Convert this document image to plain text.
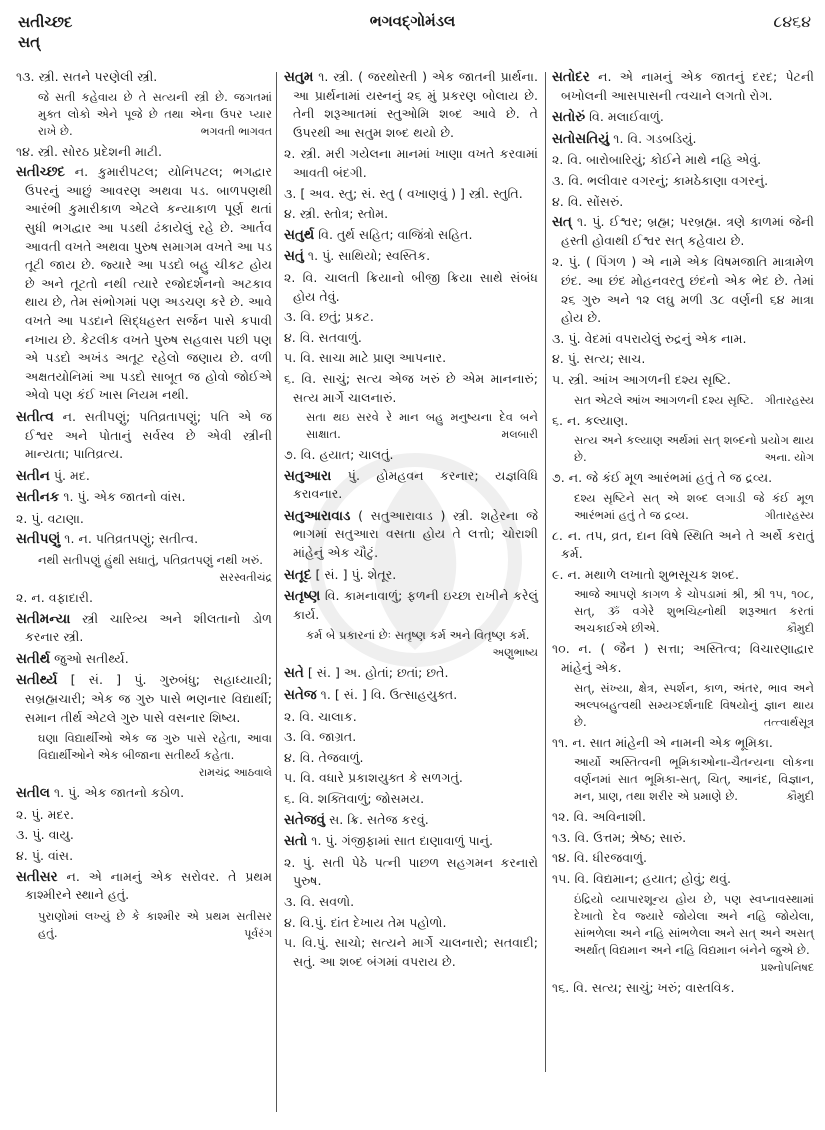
સતીચ્છદ
સત્
ભગવદ્ગોમંડલ	૮૪૬૪
૧૩. સ્ત્રી. સતને પરણેલી સ્ત્રી.
જે સતી કહેવાય છે તે સત્યની સ્ત્રી છે. જગતમાં મુક્ત લોકો એને પૂજે છે તથા એના ઉપર પ્યાર રાખે છે.	ભગવતી ભાગવત
૧૪. સ્ત્રી. સોરઠ પ્રદેશની માટી.
સતીચ્છદ ન. કુમારીપટલ; યોનિપટલ; ભગદ્વાર ઉપરનું આછું આવરણ અથવા પડ. બાળપણથી આરંભી કુમારીકાળ એટલે કન્યાકાળ પૂર્ણ થતાં સુધી ભગદ્વાર આ પડથી ઢંકાયેલું રહે છે. આર્તવ આવતી વખતે અથવા પુરુષ સમાગમ વખતે આ પડ તૂટી જાય છે. જ્યારે આ પડદો બહુ ચીકટ હોય છે અને તૂટતો નથી ત્યારે રજોદર્શનનો અટકાવ થાય છે, તેમ સંભોગમાં પણ અડચણ કરે છે. આવે વખતે આ પડદાને સિદ્ધહસ્ત સર્જન પાસે કપાવી નખાય છે. કેટલીક વખતે પુરુષ સહવાસ પછી પણ એ પડદો અખંડ અતૂટ રહેલો જણાય છે. વળી અક્ષતયોનિમાં આ પડદો સાબૂત જ હોવો જોઈએ એવો પણ કંઈ ખાસ નિયમ નથી.
સતીત્વ ન. સતીપણું; પતિવ્રતાપણું; પતિ એ જ ઈશ્વર અને પોતાનું સર્વસ્વ છે એવી સ્ત્રીની માન્યતા; પાતિવ્રત્ય.
સતીન પું. મદ.
સતીનક ૧. પું. એક જાતનો વાંસ.
૨. પું. વટાણા.
સતીપણું ૧. ન. પતિવ્રતપણું; સતીત્વ.
નથી સતીપણું હુંથી સધાતું, પતિવ્રતપણું નથી ખરું.
સરસ્વતીચંદ્ર
૨. ન. વફાદારી.
સતીમન્યા સ્ત્રી ચારિત્ર્ય અને શીલતાનો ડોળ કરનાર સ્ત્રી.
સતીર્થ જુઓ સતીર્થ્ય.
સતીર્થ્ય [ સં. ] પું. ગુરુબંધુ; સહાધ્યાયી; સબ્રહ્મચારી; એક જ ગુરુ પાસે ભણનાર વિદ્યાર્થી; સમાન તીર્થ એટલે ગુરુ પાસે વસનાર શિષ્ય.
ઘણા વિદ્યાર્થીઓ એક જ ગુરુ પાસે રહેતા, આવા વિદ્યાર્થીઓને એક બીજાના સતીર્થ્ય કહેતા.
રામચંદ્ર આઠવાલે
સતીલ ૧. પું. એક જાતનો કઠોળ.
૨. પું. મદર.
૩. પું. વાયુ.
૪. પું. વાંસ.
સતીસર ન. એ નામનું એક સરોવર. તે પ્રથમ કાશ્મીરને સ્થાને હતું.
પુરાણોમાં લખ્યું છે કે કાશ્મીર એ પ્રથમ સતીસર હતું.	પૂર્વરંગ
સતુમ ૧. સ્ત્રી. ( જરથોસ્તી ) એક જાતની પ્રાર્થના. આ પ્રાર્થનામાં યસ્નનું ૨૬ મું પ્રકરણ બોલાય છે. તેની શરૂઆતમાં સ્તુઓમિ શબ્દ આવે છે. તે ઉપરથી આ સતુમ શબ્દ થયો છે.
૨. સ્ત્રી. મરી ગયેલના માનમાં ખાણા વખતે કરવામાં આવતી બંદગી.
૩. [ અવ. સ્તુ; સં. સ્તુ ( વખાણવું ) ] સ્ત્રી. સ્તુતિ.
૪. સ્ત્રી. સ્તોત્ર; સ્તોમ.
સતુર્થ વિ. તુર્થ સહિત; વાજિંત્રો સહિત.
સતું ૧. પું. સાથિયો; સ્વસ્તિક.
૨. વિ. ચાલતી ક્રિયાનો બીજી ક્રિયા સાથે સંબંધ હોય તેવું.
૩. વિ. છતું; પ્રકટ.
૪. વિ. સતવાળું.
૫. વિ. સાચા માટે પ્રાણ આપનાર.
૬. વિ. સાચું; સત્ય એજ ખરું છે એમ માનનારું; સત્ય માર્ગે ચાલનારું.
સતા થઇ સરવે રે માન બહુ મનુષ્યના દેવ બને સાક્ષાત.	મલબારી
૭. વિ. હયાત; ચાલતું.
સતુઆરા પું. હોમહવન કરનાર; યજ્ઞવિધિ કરાવનાર.
સતુઆરાવાડ ( સતુઆરાવાડ ) સ્ત્રી. શહેરના જે ભાગમાં સતુઆરા વસતા હોય તે લત્તો; ચોરાશી માંહેનું એક ચૌટું.
સતૂદ [ સં. ] પું. શેતૂર.
સતૃષ્ણ વિ. કામનાવાળું; ફળની ઇચ્છા રાખીને કરેલું કાર્ય.
કર્મ બે પ્રકારનાં છેઃ સતૃષ્ણ કર્મ અને વિતૃષ્ણ કર્મ.
અણુભાષ્ય
સતે [ સં. ] અ. હોતાં; છતાં; છતે.
સતેજ ૧. [ સં. ] વિ. ઉત્સાહયુક્ત.
૨. વિ. ચાલાક.
૩. વિ. જાગ્રત.
૪. વિ. તેજવાળું.
૫. વિ. વધારે પ્રકાશયુક્ત કે સળગતું.
૬. વિ. શક્તિવાળું; જોસમય.
સતેજવું સ. ક્રિ. સતેજ કરવું.
સતો ૧. પું. ગંજીફામાં સાત દાણાવાળું પાનું.
૨. પું. સતી પેઠે પત્ની પાછળ સહગમન કરનારો પુરુષ.
૩. વિ. સવળો.
૪. વિ.પું. દાંત દેખાય તેમ પહોળો.
૫. વિ.પું. સાચો; સત્યને માર્ગે ચાલનારો; સતવાદી; સતું. આ શબ્દ બંગમાં વપરાય છે.
સતોદર ન. એ નામનું એક જાતનું દરદ; પેટની બખોલની આસપાસની ત્વચાને લગતો રોગ.
સતોરું વિ. મલાઈવાળું.
સતોસતિયું ૧. વિ. ગડબડિયું.
૨. વિ. બારોબારિયું; કોઈને માથે નહિ એવું.
૩. વિ. ભલીવાર વગરનું; કામઠેકાણા વગરનું.
૪. વિ. સોંસરું.
સત્ ૧. પું. ઈશ્વર; બ્રહ્મ; પરબ્રહ્મ. ત્રણે કાળમાં જેની હસ્તી હોવાથી ઈશ્વર સત્ કહેવાય છે.
૨. પું. ( પિંગળ ) એ નામે એક વિષમજાતિ માત્રામેળ છંદ. આ છંદ મોહનવરતુ છંદનો એક ભેદ છે. તેમાં ૨૬ ગુરુ અને ૧૨ લઘુ મળી ૩૮ વર્ણની ૬૪ માત્રા હોય છે.
૩. પું. વેદમાં વપરાયેલું રુદ્રનું એક નામ.
૪. પું. સત્ય; સાચ.
૫. સ્ત્રી. આંખ આગળની દશ્ય સૃષ્ટિ.
સત એટલે આંખ આગળની દશ્ય સૃષ્ટિ. ગીતારહસ્ય
૬. ન. કલ્યાણ.
સત્ય અને કલ્યાણ અર્થમાં સત્ શબ્દનો પ્રયોગ થાય છે.	અના. યોગ
૭. ન. જે કંઈ મૂળ આરંભમાં હતું તે જ દ્રવ્ય.
દશ્ય સૃષ્ટિને સત્ એ શબ્દ લગાડી જે કંઈ મૂળ આરંભમાં હતું તે જ દ્રવ્ય.	ગીતારહસ્ય
૮. ન. તપ, વ્રત, દાન વિષે સ્થિતિ અને તે અર્થે કરાતું કર્મ.
૯. ન. મથાળે લખાતો શુભસૂચક શબ્દ.
આજે આપણે કાગળ કે ચોપડામાં શ્રી, શ્રી ૧૫, ૧૦૮, સત્, ૐ વગેરે શુભચિહ્નોથી શરૂઆત કરતાં અચકાઈએ છીએ.	કૌમુદી
૧૦. ન. ( જૈન ) સત્તા; અસ્તિત્વ; વિચારણાદ્વાર માંહેનું એક.
સત્, સંખ્યા, ક્ષેત્ર, સ્પર્શન, કાળ, અંતર, ભાવ અને અલ્પબહુત્વથી સમ્યગ્દર્શનાદિ વિષયોનું જ્ઞાન થાય છે.	તત્ત્વાર્થસૂત્ર
૧૧. ન. સાત માંહેની એ નામની એક ભૂમિકા.
આર્યો અસ્તિત્વની ભૂમિકાઓના-ચૈતન્યના લોકના વર્ણનમાં સાત ભૂમિકા-સત્, ચિત્, આનંદ, વિજ્ઞાન, મન, પ્રાણ, તથા શરીર એ પ્રમાણે છે.	કૌમુદી
૧૨. વિ. અવિનાશી.
૧૩. વિ. ઉત્તમ; શ્રેષ્ઠ; સારું.
૧૪. વિ. ધીરજવાળું.
૧૫. વિ. વિદ્યમાન; હયાત; હોવું; થવું.
ઇંદ્રિયો વ્યાપારશૂન્ય હોય છે, પણ સ્વપ્નાવસ્થામાં દેખાતો દેવ જ્યારે જોયેલા અને નહિ જોયેલા, સાંભળેલા અને નહિ સાંભળેલા અને સત્ અને અસત્ અર્થાત્ વિદ્યમાન અને નહિ વિદ્યમાન બંનેને જુએ છે.
પ્રશ્નોપનિષદ
૧૬. વિ. સત્ય; સાચું; ખરું; વાસ્તવિક.
